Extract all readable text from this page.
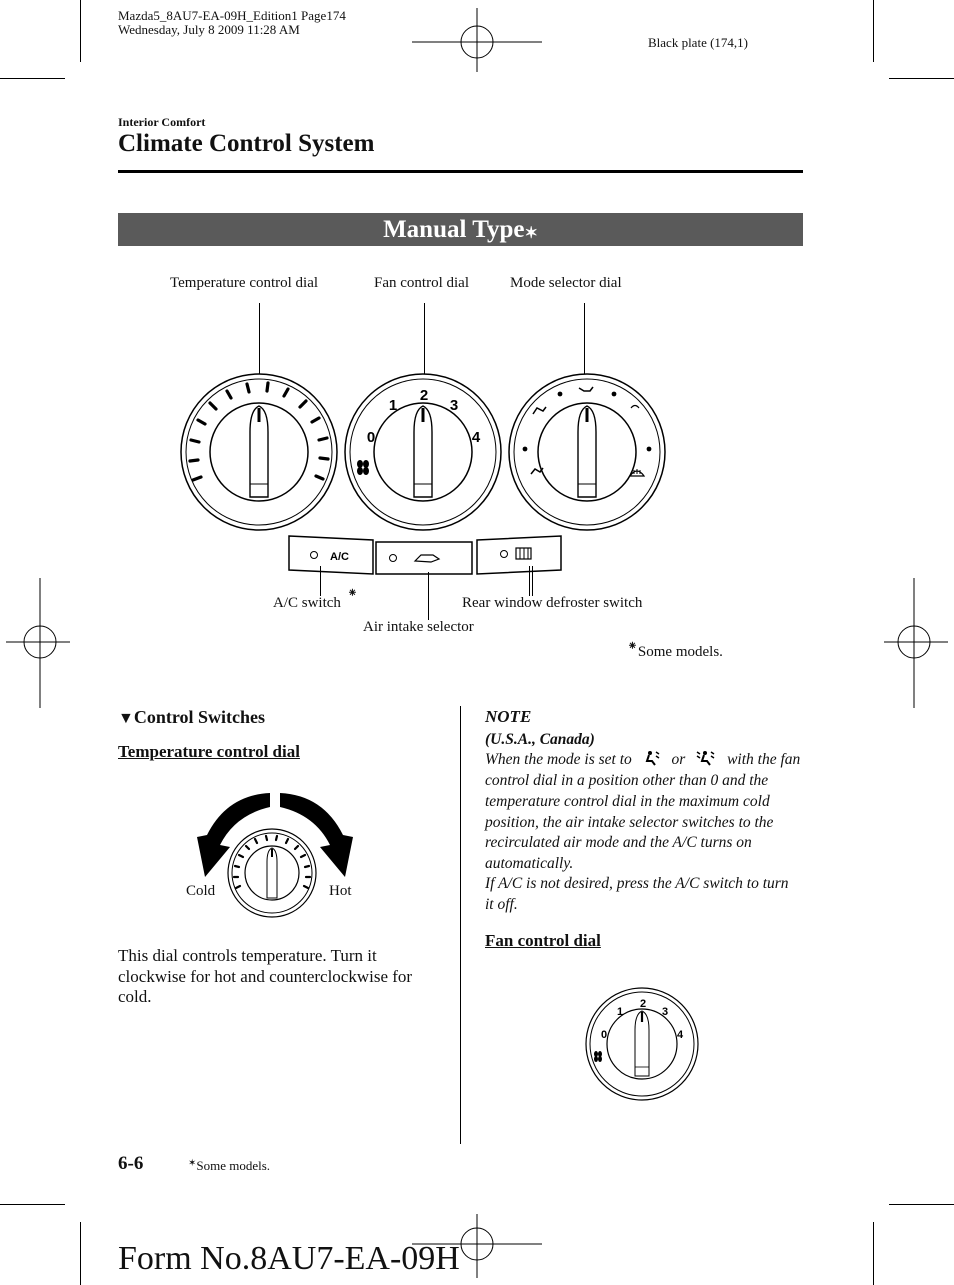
Mazda5_8AU7-EA-09H_Edition1 Page174
Wednesday, July 8 2009 11:28 AM
Black plate (174,1)
Interior Comfort
Climate Control System
Manual Type✶
Temperature control dial	Fan control dial	Mode selector dial
0
1
2
3
4
A/C
A/C switch
⁕
Air intake selector
Rear window defroster switch
⁕Some models.
▼Control Switches
Temperature control dial
Cold	Hot
This dial controls temperature. Turn it clockwise for hot and counterclockwise for cold.
NOTE
(U.S.A., Canada)
When the mode is set to	or	with the fan
control dial in a position other than 0 and the temperature control dial in the maximum cold position, the air intake selector switches to the recirculated air mode and the A/C turns on automatically.
If A/C is not desired, press the A/C switch to turn it off.
Fan control dial
0
1
2
3
4
6-6	✶Some models.
Form No.8AU7-EA-09H
